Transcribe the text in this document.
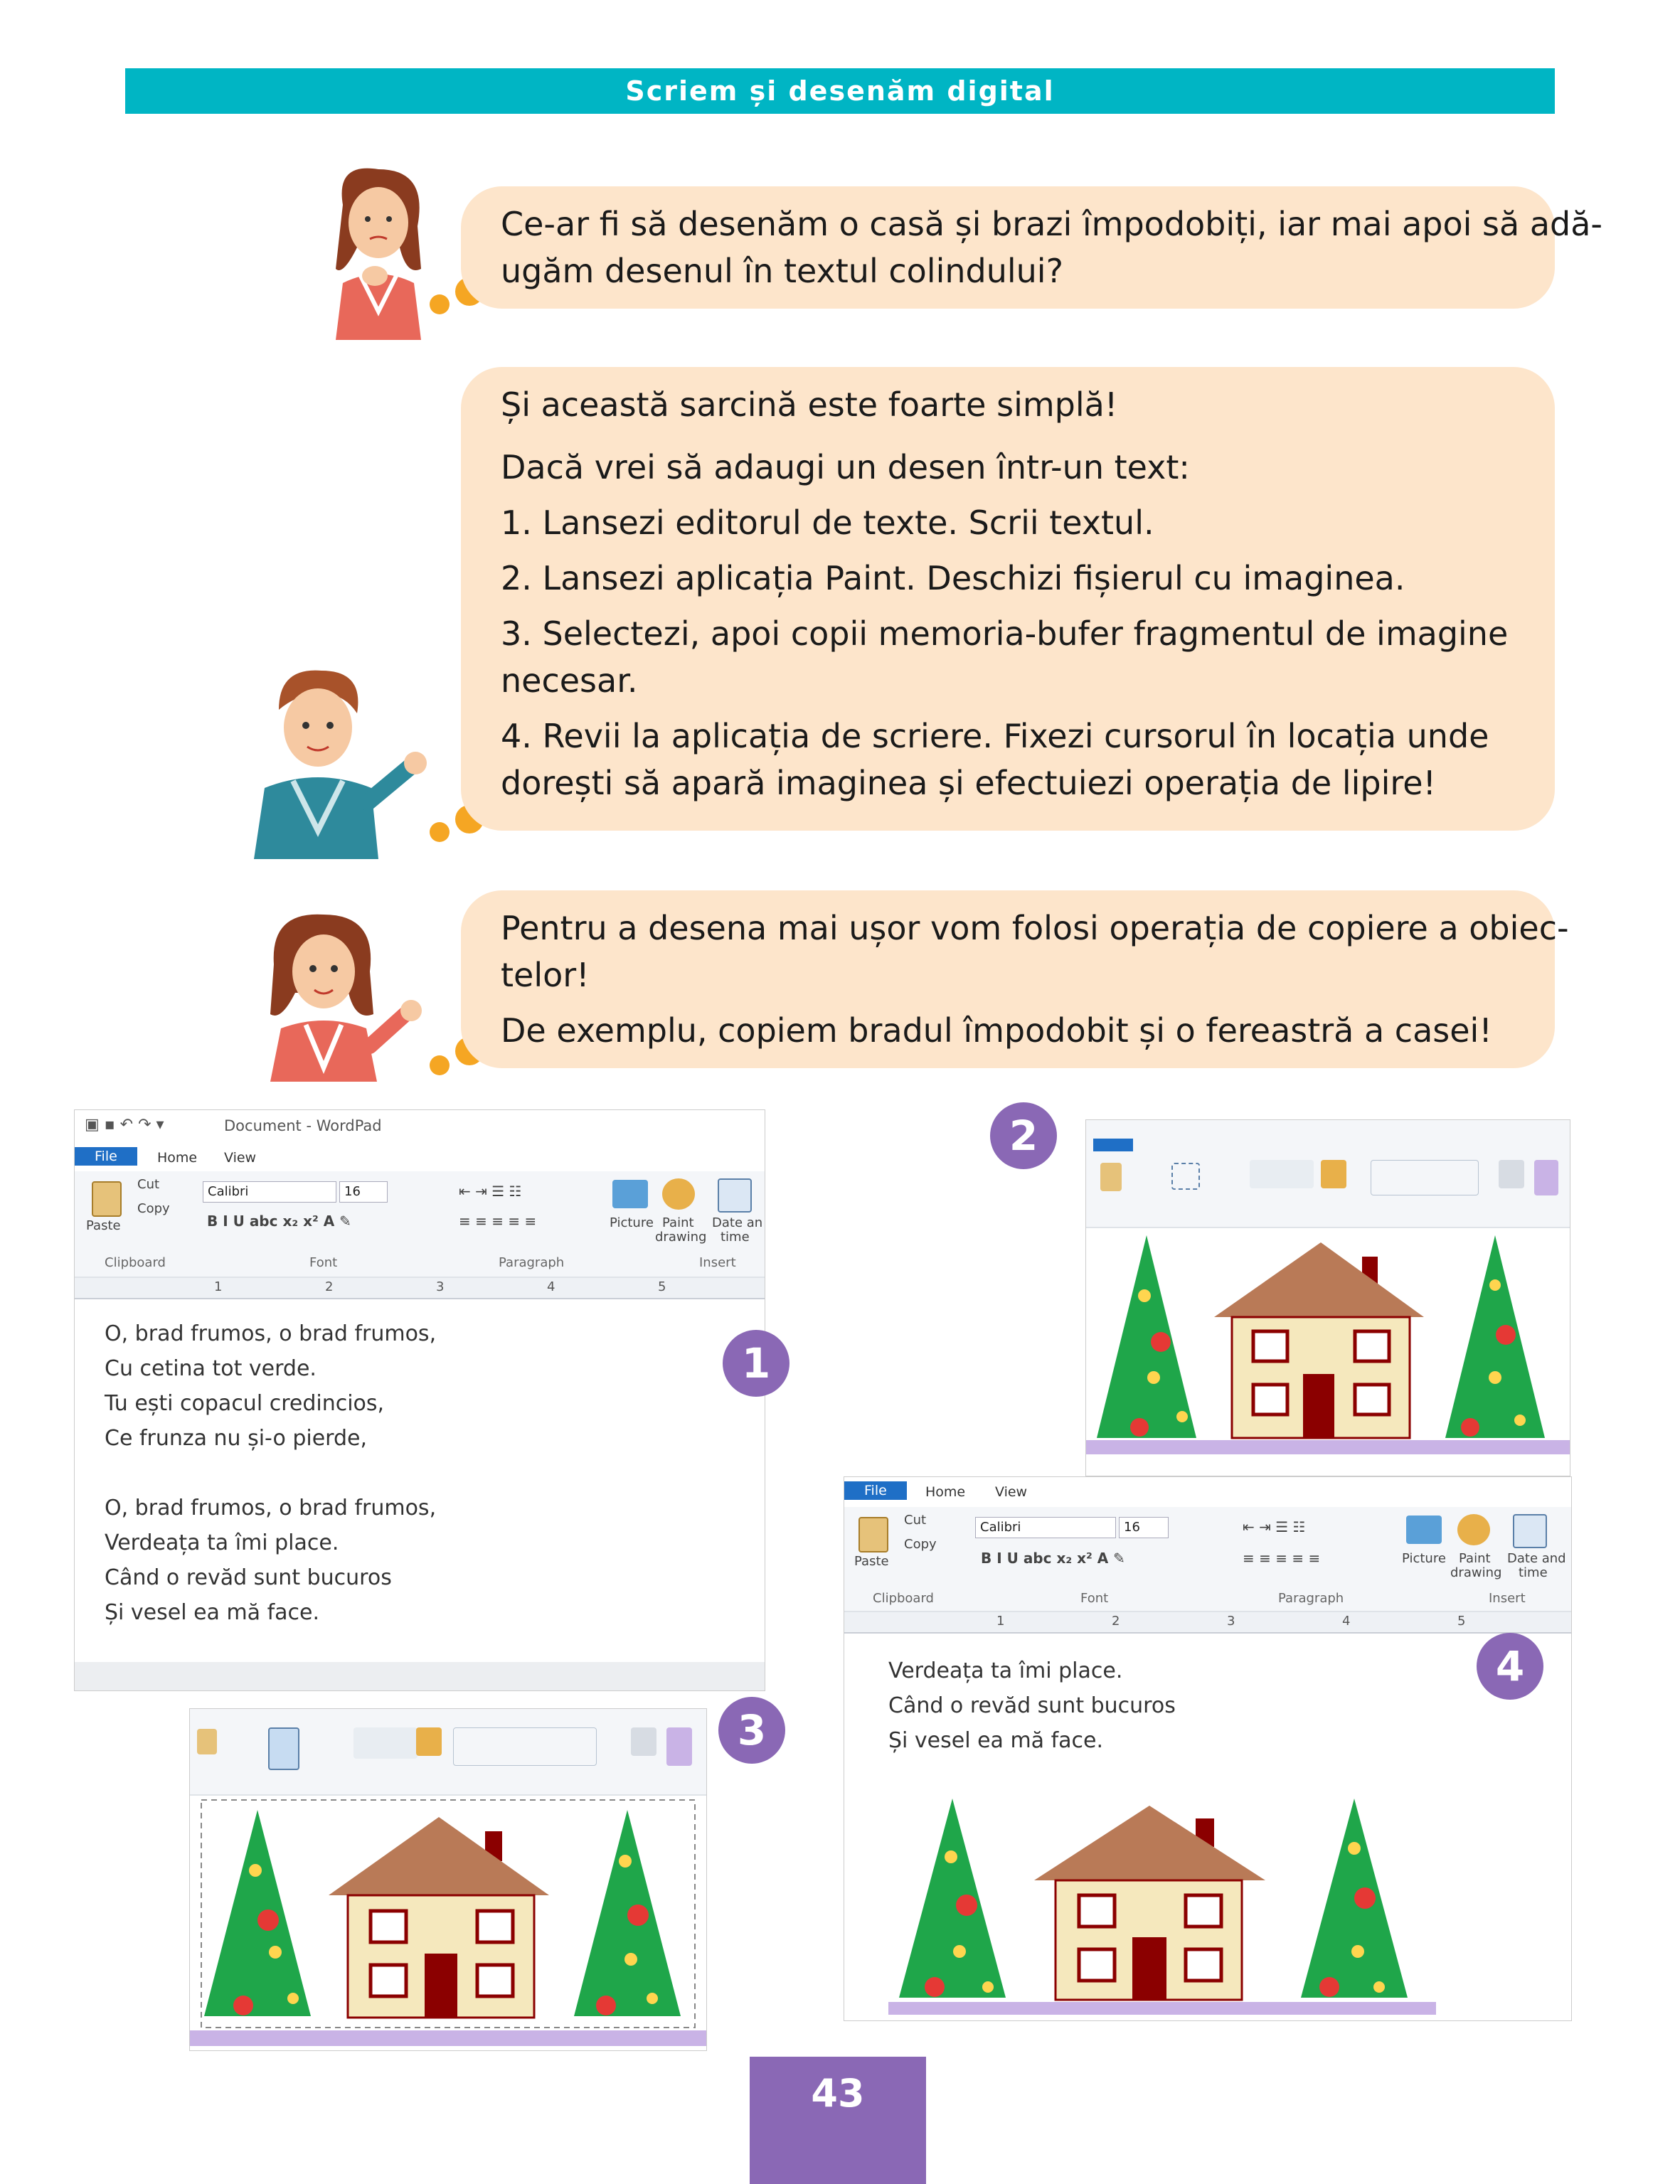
Scriem și desenăm digital

Ce-ar fi să desenăm o casă și brazi împodobiți, iar mai apoi să adă-

ugăm desenul în textul colindului?

Și această sarcină este foarte simplă!

Dacă vrei să adaugi un desen într-un text:

1. Lansezi editorul de texte. Scrii textul.

2. Lansezi aplicația Paint. Deschizi fișierul cu imaginea.

3. Selectezi, apoi copii memoria-bufer fragmentul de imagine

necesar.

4. Revii la aplicația de scriere. Fixezi cursorul în locația unde

dorești să apară imaginea și efectuiezi operația de lipire!

Pentru a desena mai ușor vom folosi operația de copiere a obiec-

telor!

De exemplu, copiem bradul împodobit și o fereastră a casei!

▣ ▪ ↶ ↷ ▾	Document - WordPad
File	Home View
Paste
Cut
Copy
Calibri	16
B I U abc x₂ x² A ✎
⇤ ⇥ ☰ ☷
≡ ≡ ≡ ≡ ≡	Picture Paint
drawing
Date an
time
Clipboard	Font	Paragraph	Insert
1	2	3	4	5
O, brad frumos, o brad frumos,
Cu cetina tot verde.
Tu ești copacul credincios,
Ce frunza nu și-o pierde,
O, brad frumos, o brad frumos,
Verdeața ta îmi place.
Când o revăd sunt bucuros
Și vesel ea mă face.
1
2
3
File	Home View
Paste
Cut
Copy
Calibri	16
B I U abc x₂ x² A ✎
⇤ ⇥ ☰ ☷
≡ ≡ ≡ ≡ ≡	Picture Paint
drawing
Date and
time
Clipboard	Font	Paragraph	Insert
1	2	3	4	5
Verdeața ta îmi place.
Când o revăd sunt bucuros
Și vesel ea mă face.
4
43
